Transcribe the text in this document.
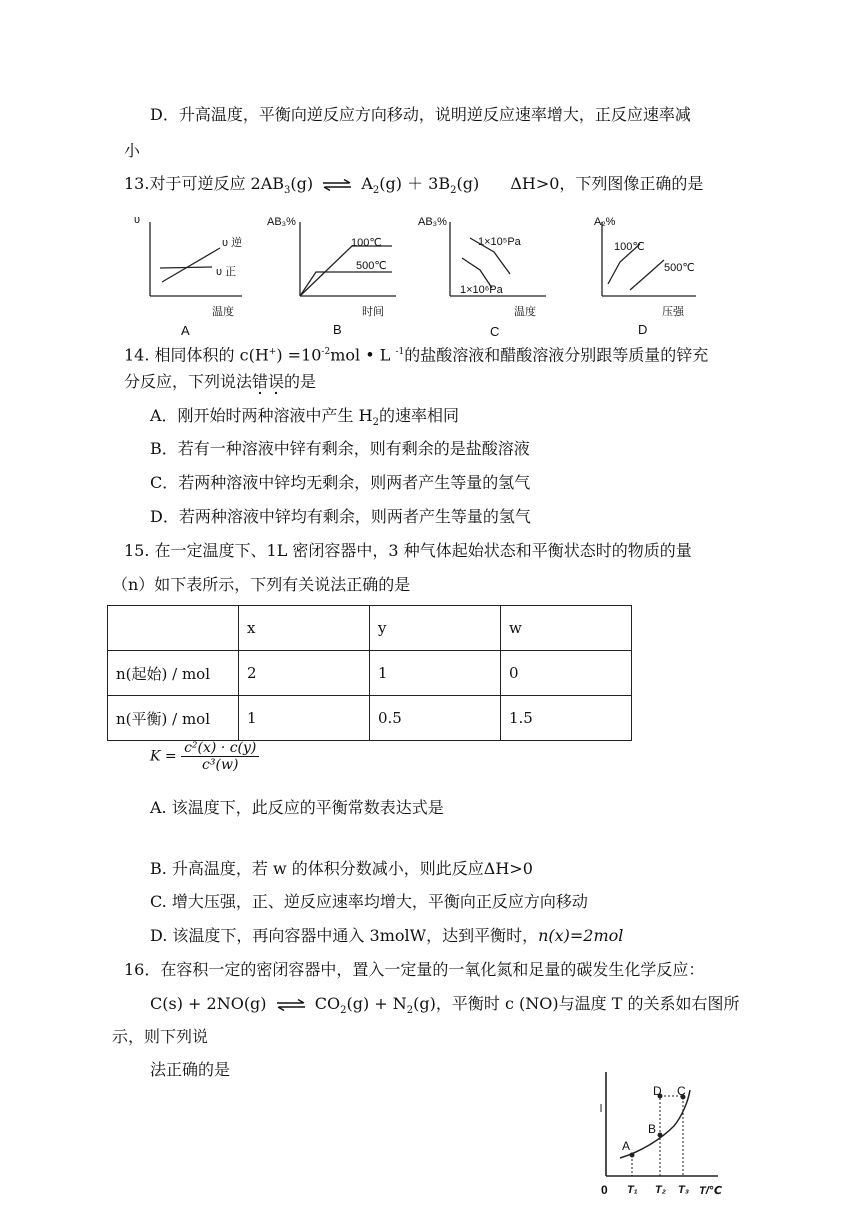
D．升高温度，平衡向逆反应方向移动，说明逆反应速率增大，正反应速率减
小
13.对于可逆反应 $2AB_3(g)$ ⇌ $A_2(g) + 3B_2(g)$ ΔH>0，下列图像正确的是
υ
υ 逆
υ 正
温度
A
AB₃%
100℃
500℃
时间
B
AB₃%
1×10⁵Pa
1×10⁶Pa
温度
C
A₂%
100℃
500℃
压强
D
14. 相同体积的 $c(H^+) =10^{-2}mol$ • L $^{-1}$的盐酸溶液和醋酸溶液分别跟等质量的锌充
分反应，下列说法错误的是
A．刚开始时两种溶液中产生 $H_2$的速率相同
B．若有一种溶液中锌有剩余，则有剩余的是盐酸溶液
C．若两种溶液中锌均无剩余，则两者产生等量的氢气
D．若两种溶液中锌均有剩余，则两者产生等量的氢气
15. 在一定温度下、1L 密闭容器中，3 种气体起始状态和平衡状态时的物质的量
（n）如下表所示，下列有关说法正确的是
	x	y	w
n(起始) / mol	2	1	0
n(平衡) / mol	1	0.5	1.5
$K = \frac{\text{c²(x) · c(y)}}{\text{c³(w)}}$
A. 该温度下，此反应的平衡常数表达式是
B. 升高温度，若 w 的体积分数减小，则此反应ΔH>0
C. 增大压强，正、逆反应速率均增大，平衡向正反应方向移动
D. 该温度下，再向容器中通入 3molW，达到平衡时，n(x)=2mol
16．在容积一定的密闭容器中，置入一定量的一氧化氮和足量的碳发生化学反应：
C(s) + 2NO(g) ⇌ $CO_2(g) + N_2(g)$，平衡时 c (NO)与温度 T 的关系如右图所
示，则下列说
法正确的是
0 T₁ T₂ T₃ T/℃
A
B
C
D
